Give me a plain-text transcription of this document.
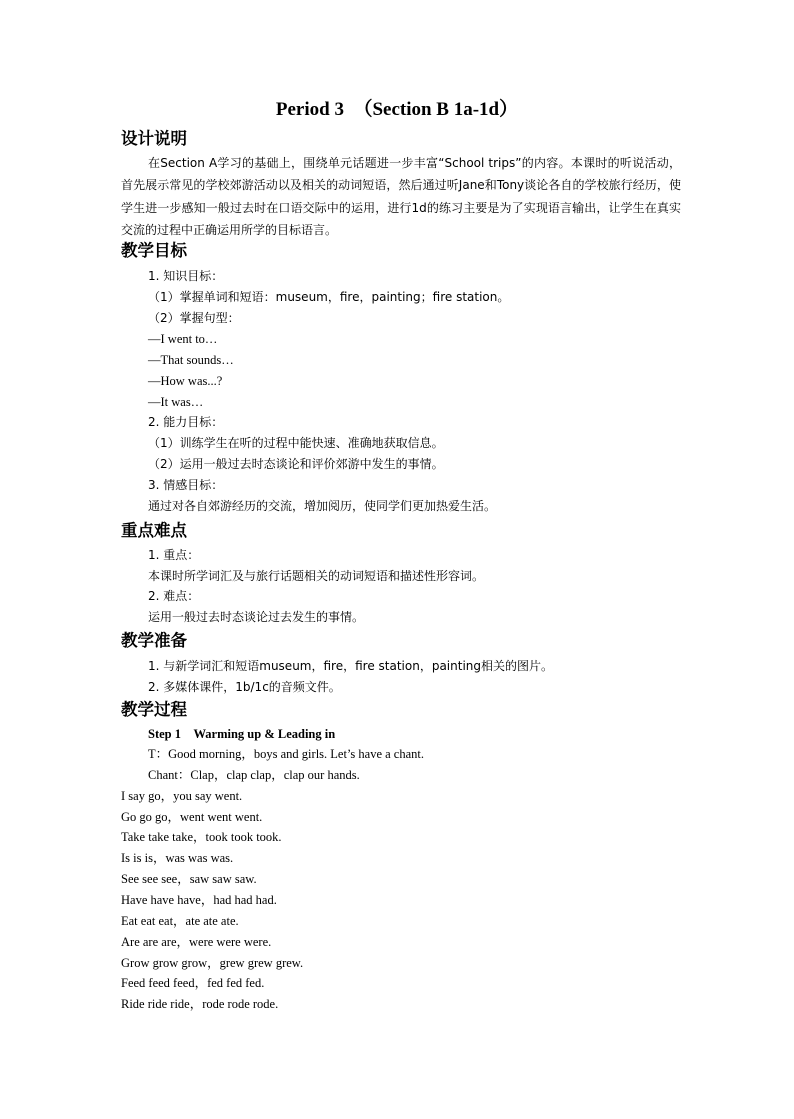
Period 3　（Section B 1a-1d）
设计说明
在Section A学习的基础上，围绕单元话题进一步丰富“School trips”的内容。本课时的听说活动，首先展示常见的学校郊游活动以及相关的动词短语，然后通过听Jane和Tony谈论各自的学校旅行经历，使学生进一步感知一般过去时在口语交际中的运用，进行1d的练习主要是为了实现语言输出，让学生在真实交流的过程中正确运用所学的目标语言。
教学目标
1. 知识目标：
（1）掌握单词和短语：museum，fire，painting；fire station。
（2）掌握句型：
—I went to…
—That sounds…
—How was...?
—It was…
2. 能力目标：
（1）训练学生在听的过程中能快速、准确地获取信息。
（2）运用一般过去时态谈论和评价郊游中发生的事情。
3. 情感目标：
通过对各自郊游经历的交流，增加阅历，使同学们更加热爱生活。
重点难点
1. 重点：
本课时所学词汇及与旅行话题相关的动词短语和描述性形容词。
2. 难点：
运用一般过去时态谈论过去发生的事情。
教学准备
1. 与新学词汇和短语museum，fire，fire station，painting相关的图片。
2. 多媒体课件，1b/1c的音频文件。
教学过程
Step 1　Warming up & Leading in
T：Good morning，boys and girls. Let’s have a chant.
Chant：Clap，clap clap，clap our hands.
I say go，you say went.
Go go go，went went went.
Take take take，took took took.
Is is is，was was was.
See see see，saw saw saw.
Have have have，had had had.
Eat eat eat，ate ate ate.
Are are are，were were were.
Grow grow grow，grew grew grew.
Feed feed feed，fed fed fed.
Ride ride ride，rode rode rode.
